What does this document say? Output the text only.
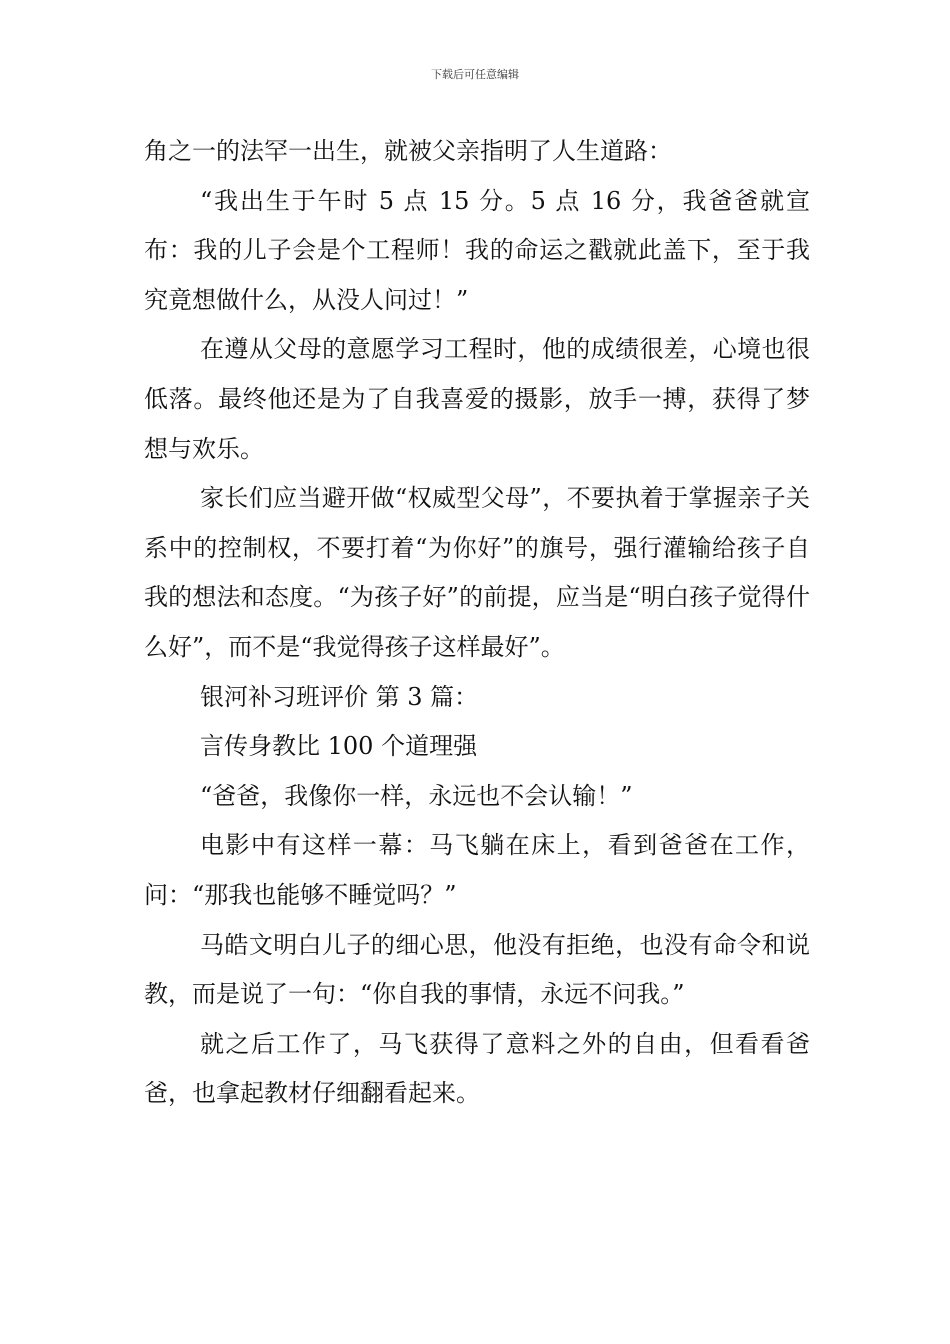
下载后可任意编辑

角之一的法罕一出生，就被父亲指明了人生道路：

“我出生于午时 5 点 15 分。5 点 16 分，我爸爸就宣布：我的儿子会是个工程师！我的命运之戳就此盖下，至于我究竟想做什么，从没人问过！”

在遵从父母的意愿学习工程时，他的成绩很差，心境也很低落。最终他还是为了自我喜爱的摄影，放手一搏，获得了梦想与欢乐。

家长们应当避开做“权威型父母”，不要执着于掌握亲子关系中的控制权，不要打着“为你好”的旗号，强行灌输给孩子自我的想法和态度。“为孩子好”的前提，应当是“明白孩子觉得什么好”，而不是“我觉得孩子这样最好”。

银河补习班评价 第 3 篇：

言传身教比 100 个道理强

“爸爸，我像你一样，永远也不会认输！”

电影中有这样一幕：马飞躺在床上，看到爸爸在工作，问：“那我也能够不睡觉吗？”

马皓文明白儿子的细心思，他没有拒绝，也没有命令和说教，而是说了一句：“你自我的事情，永远不问我。”

就之后工作了，马飞获得了意料之外的自由，但看看爸爸，也拿起教材仔细翻看起来。
